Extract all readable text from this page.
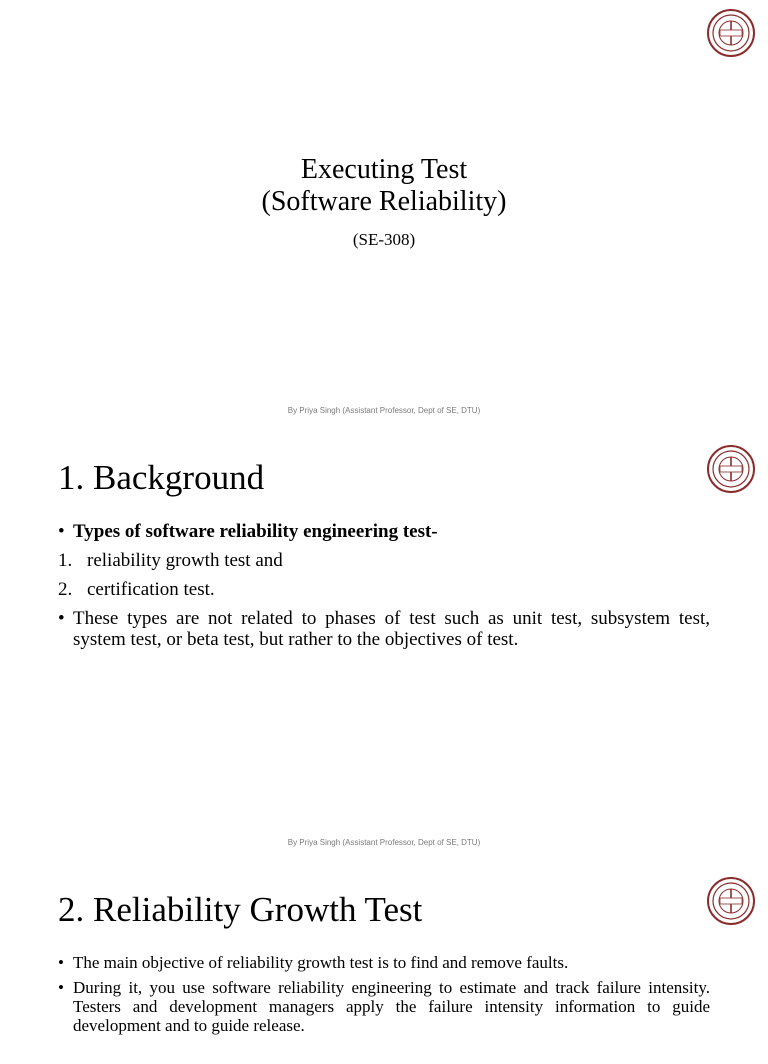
Executing Test
(Software Reliability)
(SE-308)
By Priya Singh (Assistant Professor, Dept of SE, DTU)
1. Background
• Types of software reliability engineering test-
1. reliability growth test and
2. certification test.
• These types are not related to phases of test such as unit test, subsystem test, system test, or beta test, but rather to the objectives of test.
By Priya Singh (Assistant Professor, Dept of SE, DTU)
2. Reliability Growth Test
• The main objective of reliability growth test is to find and remove faults.
• During it, you use software reliability engineering to estimate and track failure intensity. Testers and development managers apply the failure intensity information to guide development and to guide release.
